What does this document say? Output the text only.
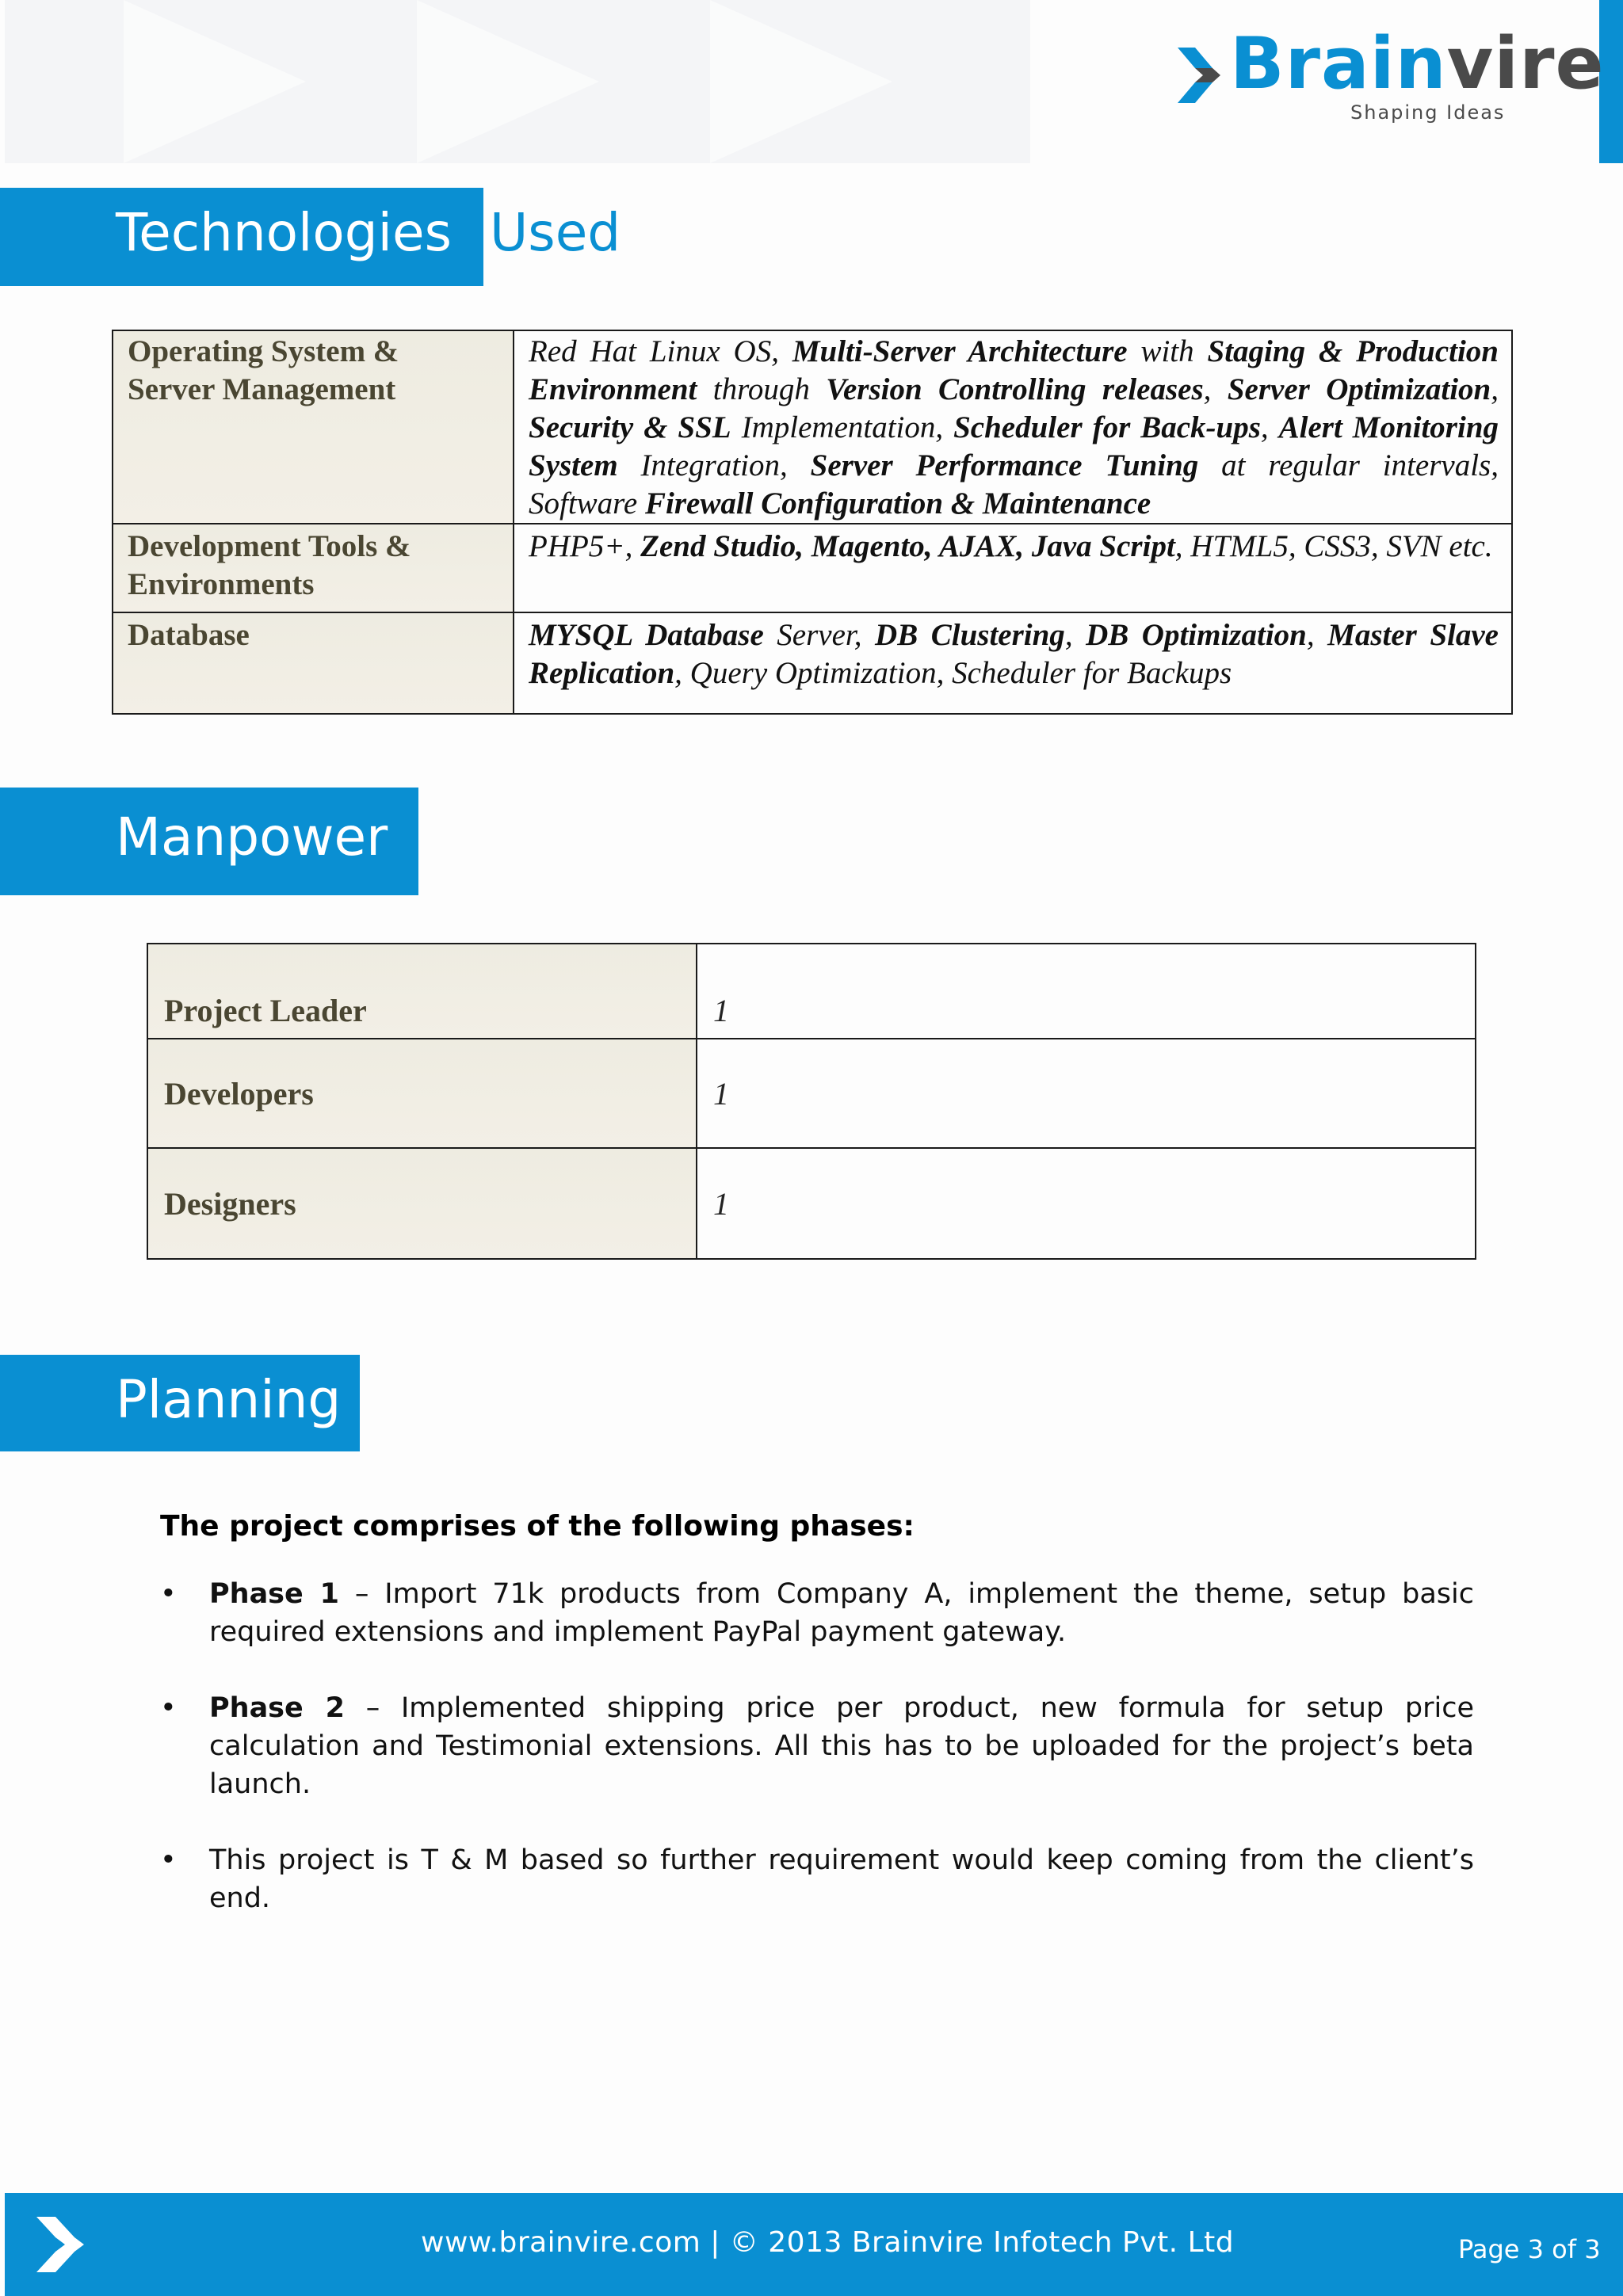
Brainvire
Shaping Ideas
Technologies Used
Operating System &
Server Management	Red Hat Linux OS, Multi-Server Architecture with Staging & Production Environment through Version Controlling releases, Server Optimization, Security & SSL Implementation, Scheduler for Back-ups, Alert Monitoring System Integration, Server Performance Tuning at regular intervals, Software Firewall Configuration & Maintenance

Development Tools &
Environments	PHP5+, Zend Studio, Magento, AJAX, Java Script, HTML5, CSS3, SVN etc.

Database	MYSQL Database Server, DB Clustering, DB Optimization, Master Slave Replication, Query Optimization, Scheduler for Backups
Manpower
Project Leader	1
Developers	1
Designers	1
Planning
The project comprises of the following phases:
• Phase 1 – Import 71k products from Company A, implement the theme, setup basic required extensions and implement PayPal payment gateway.
• Phase 2 – Implemented shipping price per product, new formula for setup price calculation and Testimonial extensions. All this has to be uploaded for the project’s beta launch.
• This project is T & M based so further requirement would keep coming from the client’s end.
www.brainvire.com | © 2013 Brainvire Infotech Pvt. Ltd	Page 3 of 3
